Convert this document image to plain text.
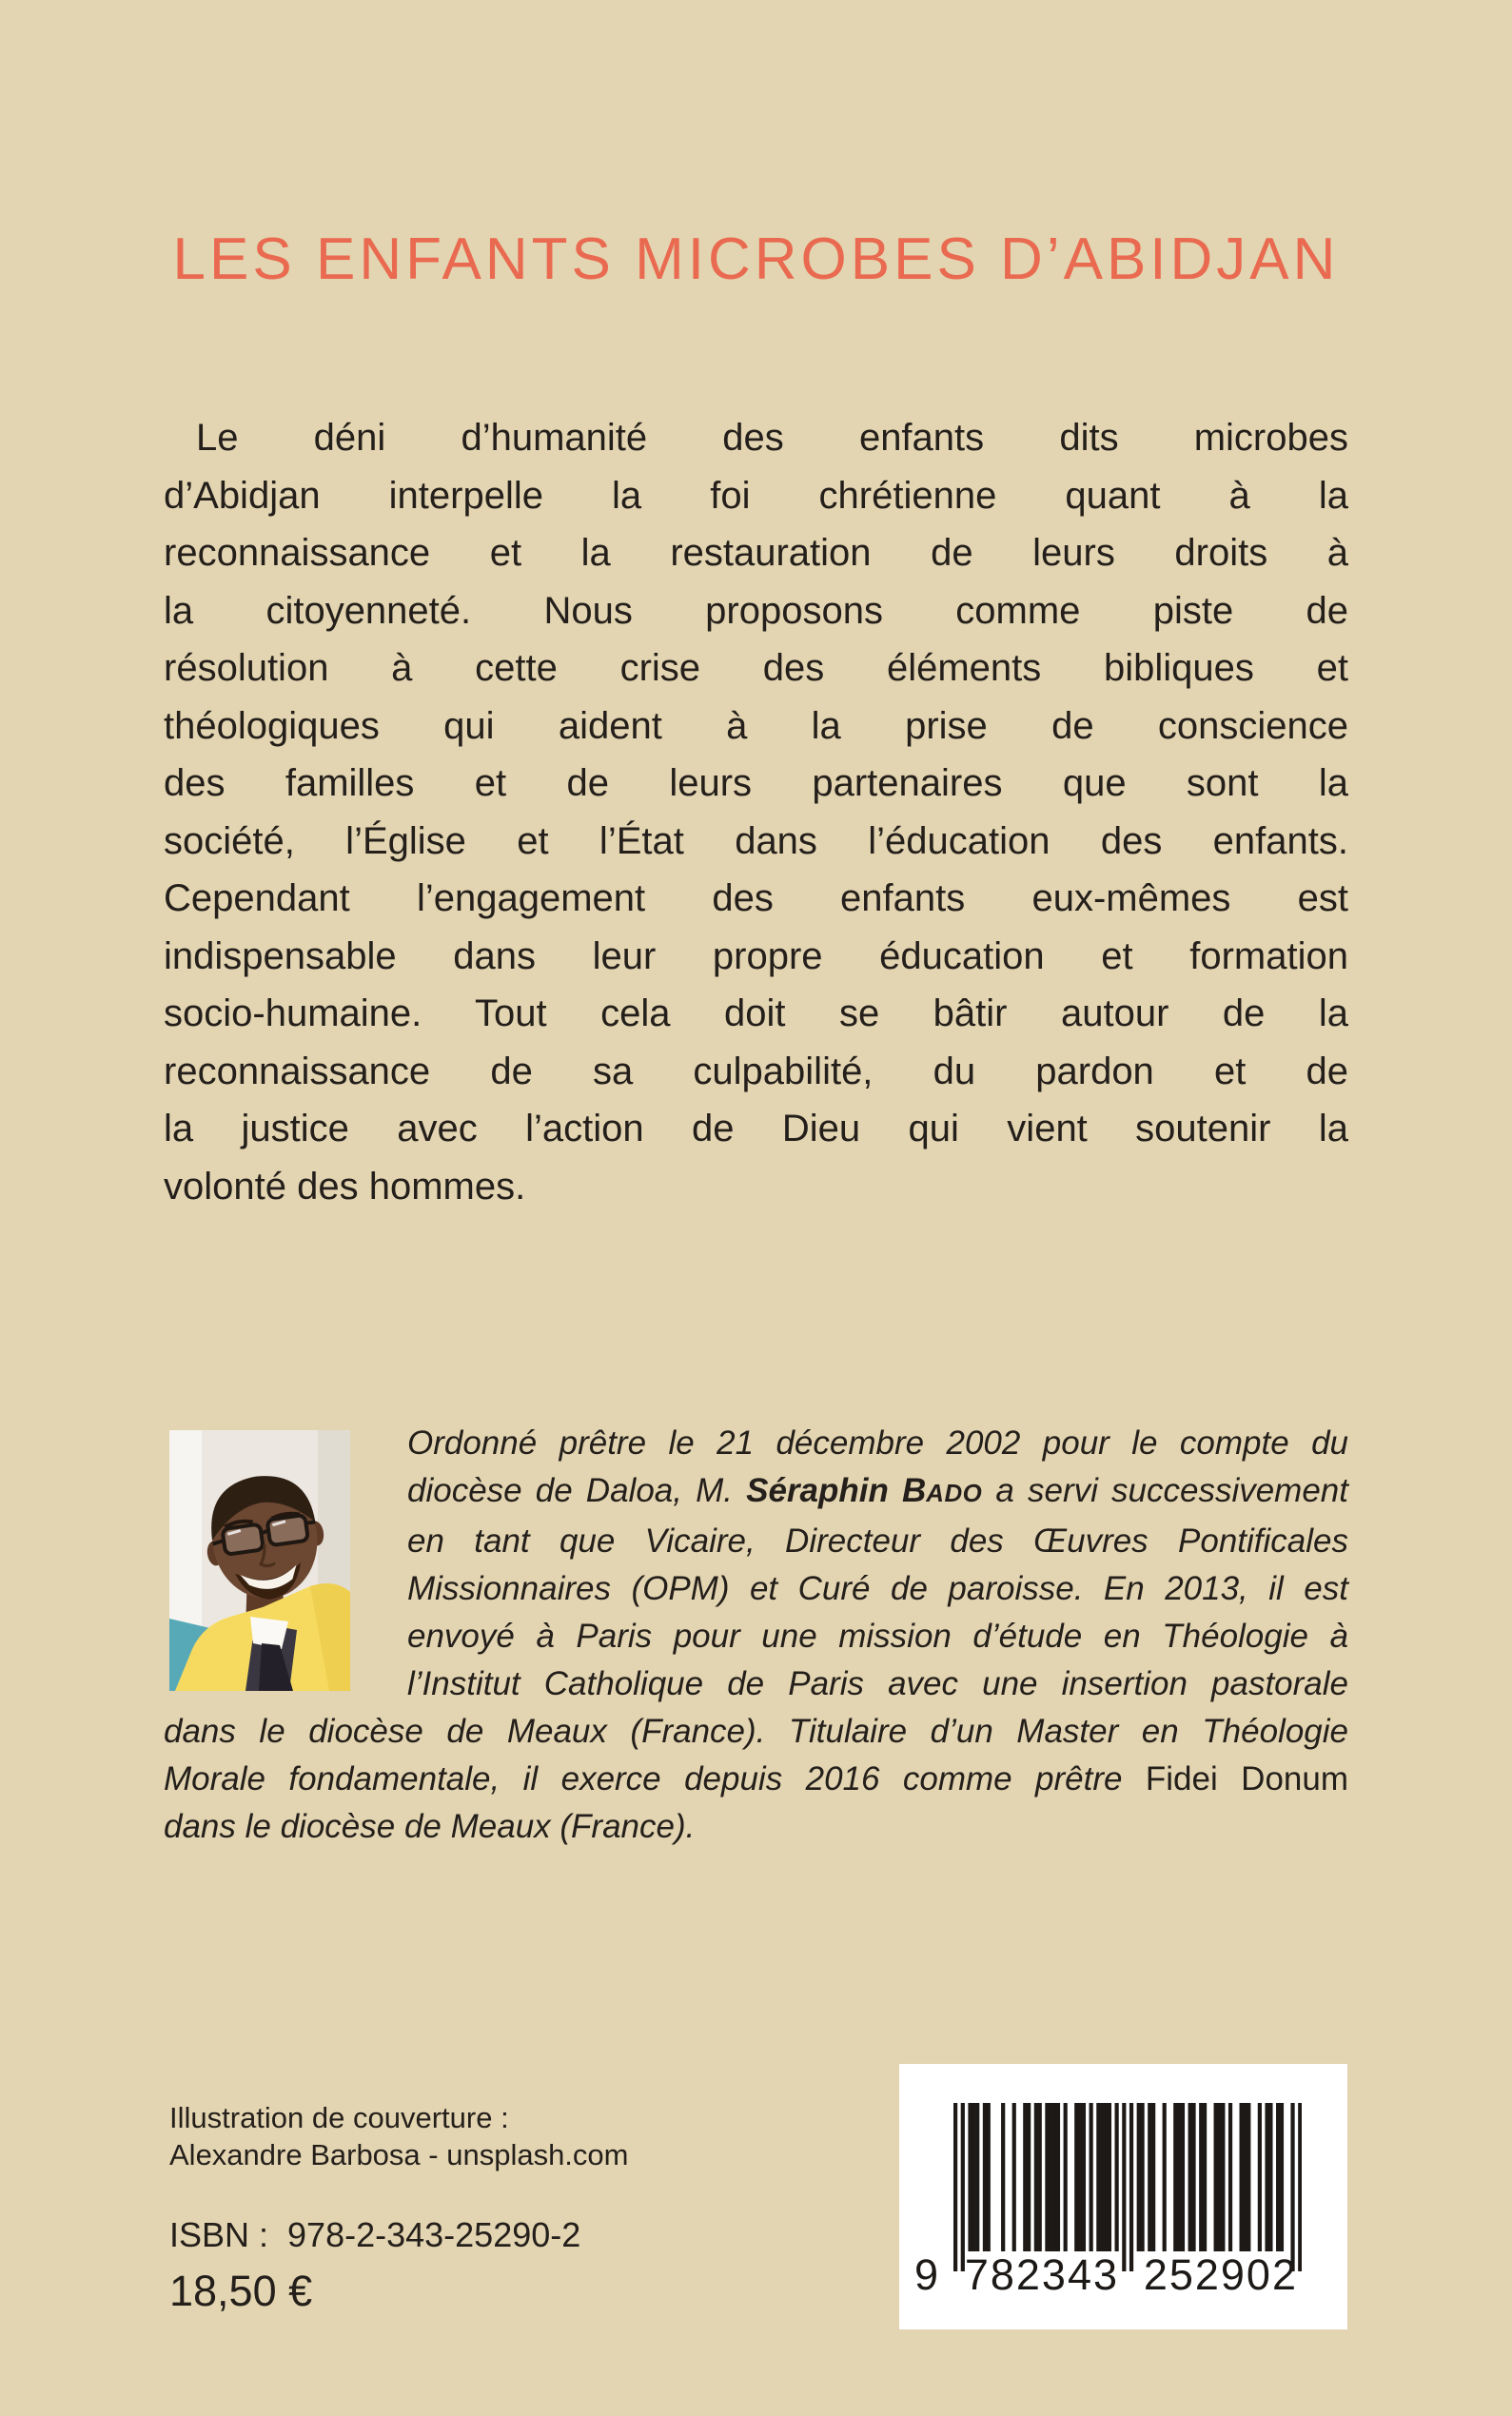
LES ENFANTS MICROBES D’ABIDJAN
Le déni d’humanité des enfants dits microbes
d’Abidjan interpelle la foi chrétienne quant à la
reconnaissance et la restauration de leurs droits à
la citoyenneté. Nous proposons comme piste de
résolution à cette crise des éléments bibliques et
théologiques qui aident à la prise de conscience
des familles et de leurs partenaires que sont la
société, l’Église et l’État dans l’éducation des enfants.
Cependant l’engagement des enfants eux-mêmes est
indispensable dans leur propre éducation et formation
socio-humaine. Tout cela doit se bâtir autour de la
reconnaissance de sa culpabilité, du pardon et de
la justice avec l’action de Dieu qui vient soutenir la
volonté des hommes.
Ordonné prêtre le 21 décembre 2002 pour le compte du
diocèse de Daloa, M. Séraphin BADO a servi successivement
en tant que Vicaire, Directeur des Œuvres Pontificales
Missionnaires (OPM) et Curé de paroisse. En 2013, il est
envoyé à Paris pour une mission d’étude en Théologie à
l’Institut Catholique de Paris avec une insertion pastorale
dans le diocèse de Meaux (France). Titulaire d’un Master en Théologie
Morale fondamentale, il exerce depuis 2016 comme prêtre Fidei Donum
dans le diocèse de Meaux (France).
Illustration de couverture :
Alexandre Barbosa - unsplash.com
ISBN :  978-2-343-25290-2
18,50 €	9 782343 252902
